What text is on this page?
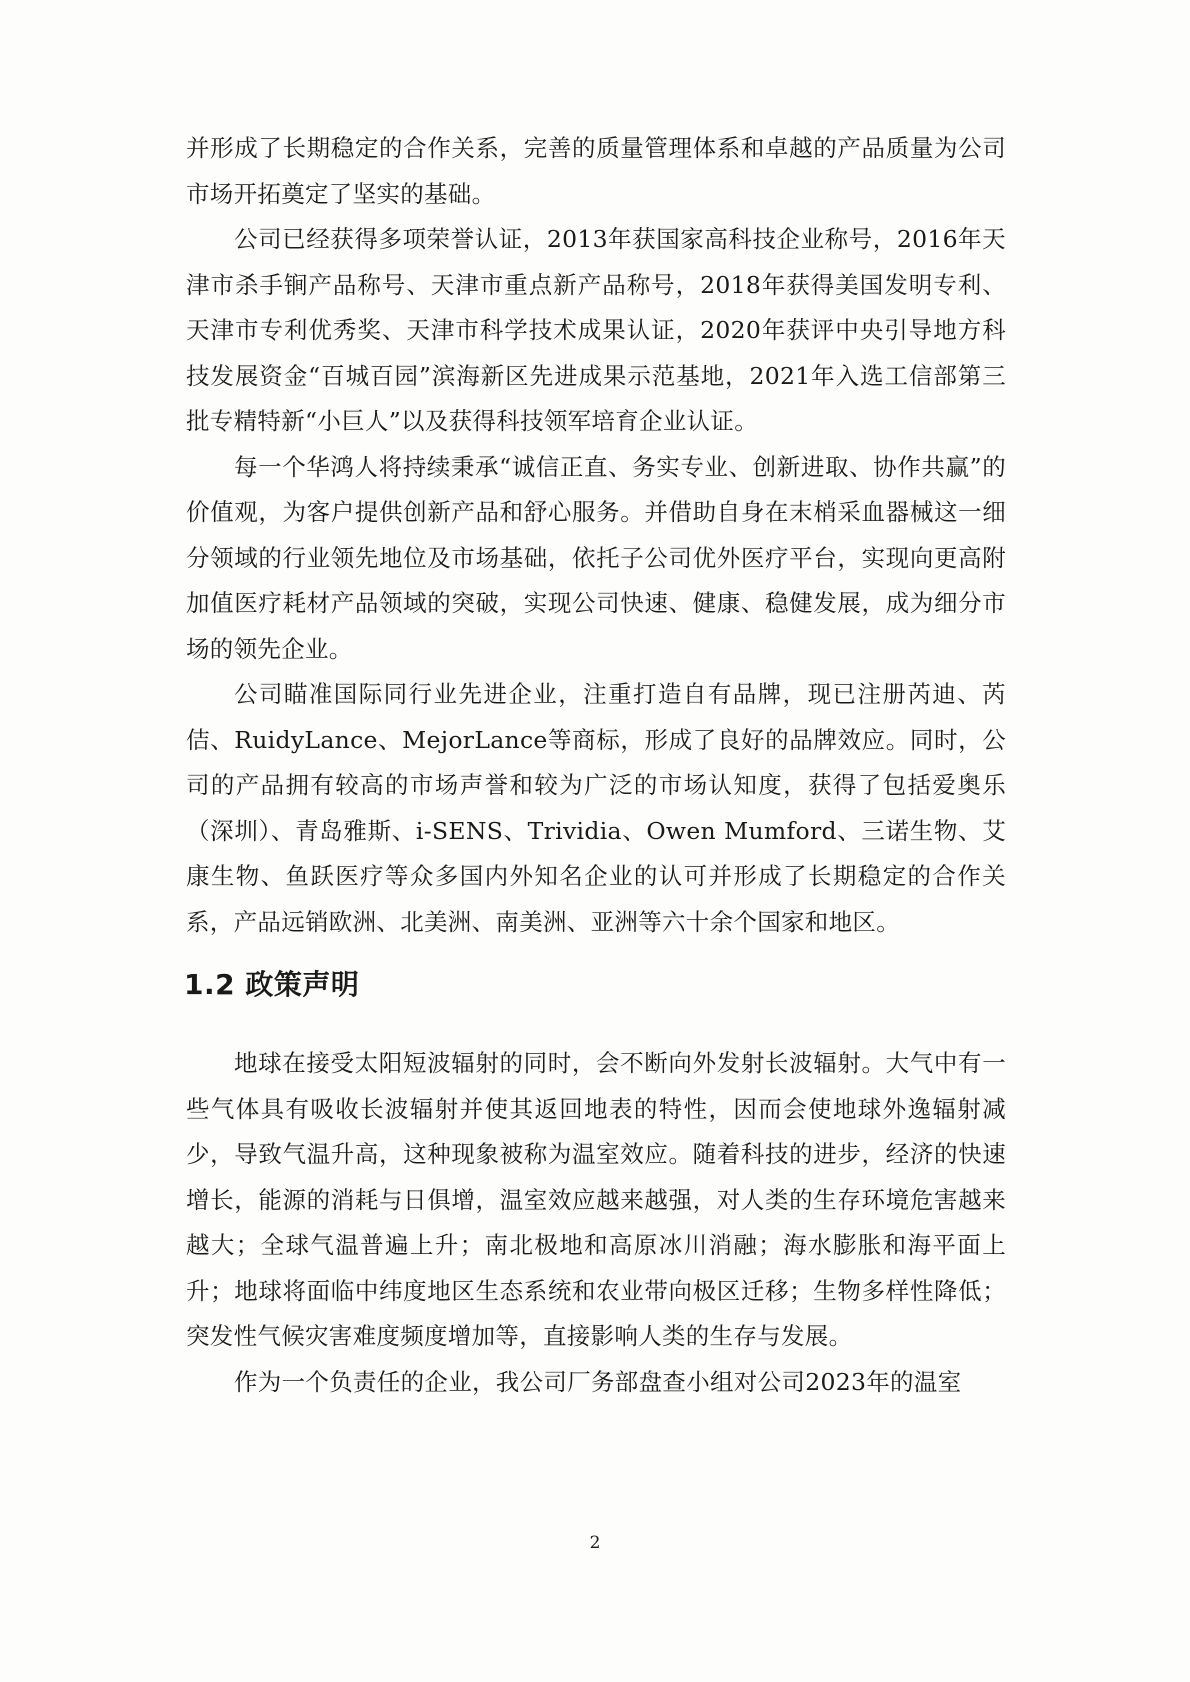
并形成了长期稳定的合作关系，完善的质量管理体系和卓越的产品质量为公司市场开拓奠定了坚实的基础。

公司已经获得多项荣誉认证，2013年获国家高科技企业称号，2016年天津市杀手锏产品称号、天津市重点新产品称号，2018年获得美国发明专利、天津市专利优秀奖、天津市科学技术成果认证，2020年获评中央引导地方科技发展资金“百城百园”滨海新区先进成果示范基地，2021年入选工信部第三批专精特新“小巨人”以及获得科技领军培育企业认证。

每一个华鸿人将持续秉承“诚信正直、务实专业、创新进取、协作共赢”的价值观，为客户提供创新产品和舒心服务。并借助自身在末梢采血器械这一细分领域的行业领先地位及市场基础，依托子公司优外医疗平台，实现向更高附加值医疗耗材产品领域的突破，实现公司快速、健康、稳健发展，成为细分市场的领先企业。

公司瞄准国际同行业先进企业，注重打造自有品牌，现已注册芮迪、芮佶、RuidyLance、MejorLance等商标，形成了良好的品牌效应。同时，公司的产品拥有较高的市场声誉和较为广泛的市场认知度，获得了包括爱奥乐（深圳）、青岛雅斯、i-SENS、Trividia、Owen Mumford、三诺生物、艾康生物、鱼跃医疗等众多国内外知名企业的认可并形成了长期稳定的合作关系，产品远销欧洲、北美洲、南美洲、亚洲等六十余个国家和地区。

1.2 政策声明

地球在接受太阳短波辐射的同时，会不断向外发射长波辐射。大气中有一些气体具有吸收长波辐射并使其返回地表的特性，因而会使地球外逸辐射减少，导致气温升高，这种现象被称为温室效应。随着科技的进步，经济的快速增长，能源的消耗与日俱增，温室效应越来越强，对人类的生存环境危害越来越大；全球气温普遍上升；南北极地和高原冰川消融；海水膨胀和海平面上升；地球将面临中纬度地区生态系统和农业带向极区迁移；生物多样性降低；突发性气候灾害难度频度增加等，直接影响人类的生存与发展。

作为一个负责任的企业，我公司厂务部盘查小组对公司2023年的温室

2
